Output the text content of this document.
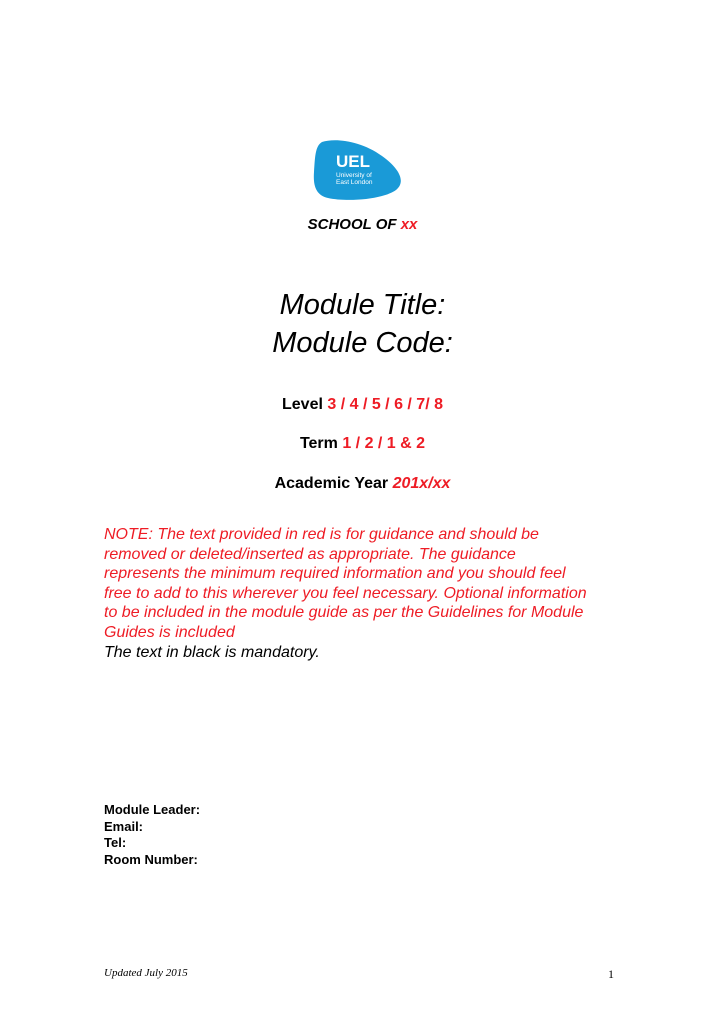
UEL
University of
East London
SCHOOL OF xx
Module Title:
Module Code:
Level 3 / 4 / 5 / 6 / 7/ 8
Term 1 / 2 / 1 & 2
Academic Year 201x/xx
NOTE: The text provided in red is for guidance and should be removed or deleted/inserted as appropriate. The guidance represents the minimum required information and you should feel free to add to this wherever you feel necessary. Optional information to be included in the module guide as per the Guidelines for Module Guides is included
The text in black is mandatory.
Module Leader:
Email:
Tel:
Room Number:
Updated July 2015	1
